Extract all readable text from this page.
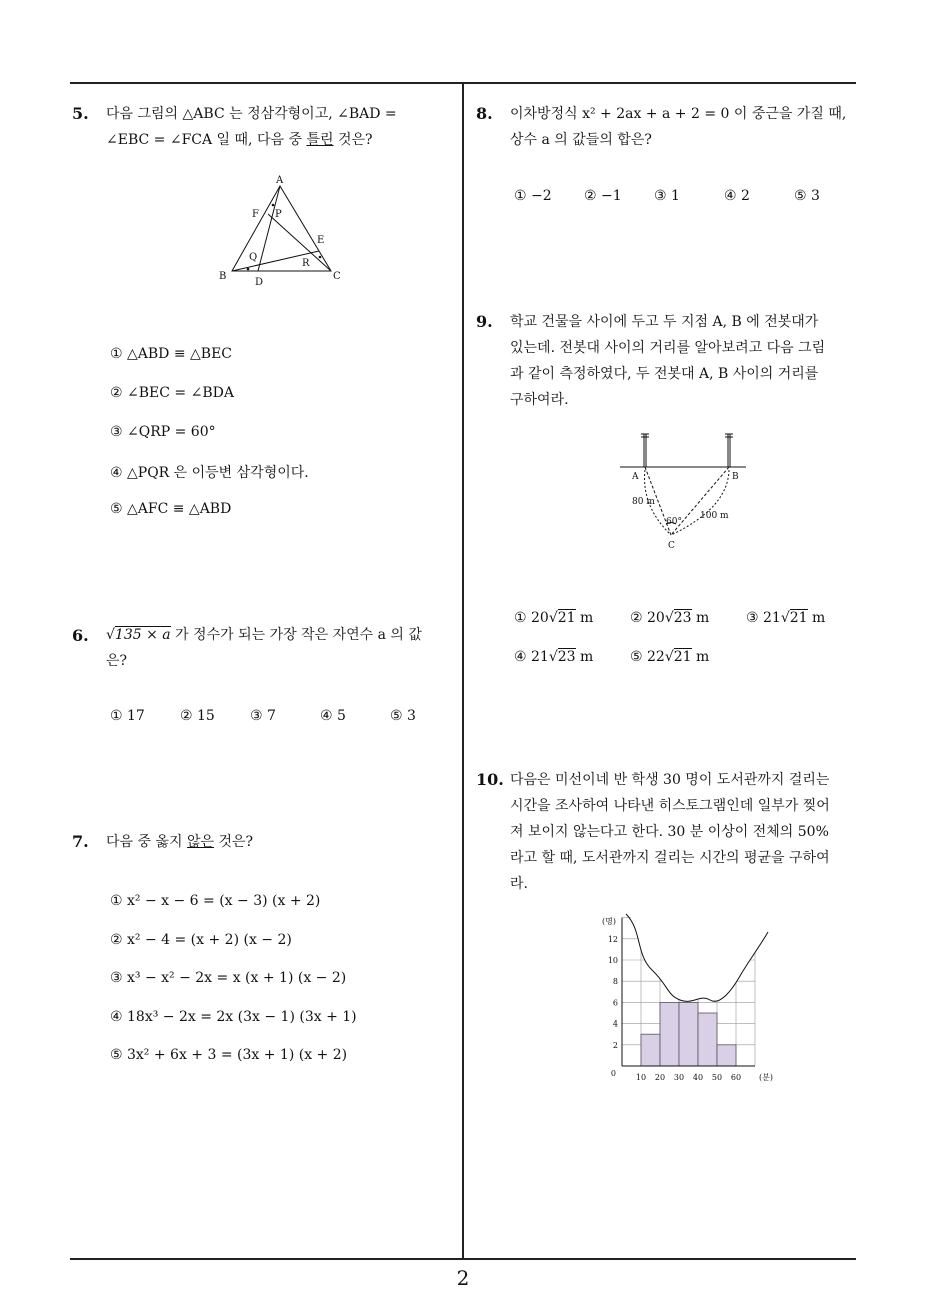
2
5. 다음 그림의 △ABC 는 정삼각형이고, ∠BAD =
∠EBC = ∠FCA 일 때, 다음 중 틀린 것은?
A
B	C
D
E
F P
Q
R
① △ABD ≡ △BEC
② ∠BEC = ∠BDA
③ ∠QRP = 60°
④ △PQR 은 이등변 삼각형이다.
⑤ △AFC ≡ △ABD
6. √135 × a 가 정수가 되는 가장 작은 자연수 a 의 값
은?
① 17	② 15	③ 7	④ 5	⑤ 3
7. 다음 중 옳지 않은 것은?
① x² − x − 6 = (x − 3) (x + 2)
② x² − 4 = (x + 2) (x − 2)
③ x³ − x² − 2x = x (x + 1) (x − 2)
④ 18x³ − 2x = 2x (3x − 1) (3x + 1)
⑤ 3x² + 6x + 3 = (3x + 1) (x + 2)
8. 이차방정식 x² + 2ax + a + 2 = 0 이 중근을 가질 때,
상수 a 의 값들의 합은?
① −2 ② −1 ③ 1	④ 2	⑤ 3
9. 학교 건물을 사이에 두고 두 지점 A, B 에 전봇대가
있는데. 전봇대 사이의 거리를 알아보려고 다음 그림
과 같이 측정하였다, 두 전봇대 A, B 사이의 거리를
구하여라.
A	B
C
80 m
100 m
60°
① 20√21 m	② 20√23 m	③ 21√21 m
④ 21√23 m	⑤ 22√21 m
10. 다음은 미선이네 반 학생 30 명이 도서관까지 걸리는
시간을 조사하여 나타낸 히스토그램인데 일부가 찢어
져 보이지 않는다고 한다. 30 분 이상이 전체의 50%
라고 할 때, 도서관까지 걸리는 시간의 평균을 구하여
라.
2
4
6
8
10
12
0 10 20 30 40 50 60
(명)
(분)
